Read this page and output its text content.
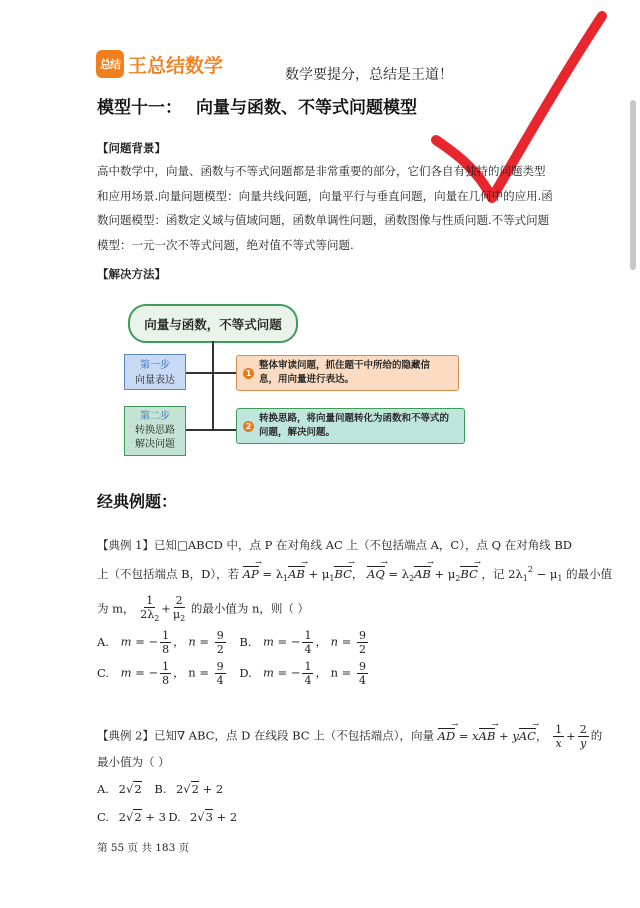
总结 王总结数学	数学要提分，总结是王道！
模型十一： 向量与函数、不等式问题模型
【问题背景】

高中数学中，向量、函数与不等式问题都是非常重要的部分，它们各自有独特的问题类型

和应用场景.向量问题模型：向量共线问题，向量平行与垂直问题，向量在几何中的应用.函

数问题模型：函数定义域与值域问题，函数单调性问题，函数图像与性质问题.不等式问题

模型：一元一次不等式问题，绝对值不等式等问题.

【解决方法】
向量与函数，不等式问题
第一步
向量表达
第二步
转换思路
解决问题
1
整体审读问题，抓住题干中所给的隐藏信
息，用向量进行表达。
2
转换思路，将向量问题转化为函数和不等式的
问题，解决问题。
经典例题：
【典例 1】已知□ABCD 中，点 P 在对角线 AC 上（不包括端点 A，C），点 Q 在对角线 BD
上（不包括端点 B，D），若 AP → = $\lambda_1AB$ → + $\mu_1BC$ →， AQ → = $\lambda_2AB$ → + $\mu_2BC$ → ，记 $2\lambda_1^2 - \mu_1$ 的最小值
为 m， $\frac{1}{2\lambda_2} + \frac{2}{\mu_2}$ 的最小值为 n，则（ ）
A. m = − $\frac{1}{8}$ ， $n = \frac{9}{2} B$. m = − $\frac{1}{4}$ ， $n = \frac{9}{2}$
C. m = − $\frac{1}{8}$ ， $n = \frac{9}{4} D$. m = − $\frac{1}{4}$ ， $n = \frac{9}{4}$
【典例 2】已知∇ ABC，点 D 在线段 BC 上（不包括端点），向量 AD → = xAB → + yAC →， $\frac{1}{x} + \frac{2}{y}$ 的
最小值为（ ）
A. 2√2 B. 2√2 + 2
C. 2√2 + 3 D. 2√3 + 2
第 55 页 共 183 页
